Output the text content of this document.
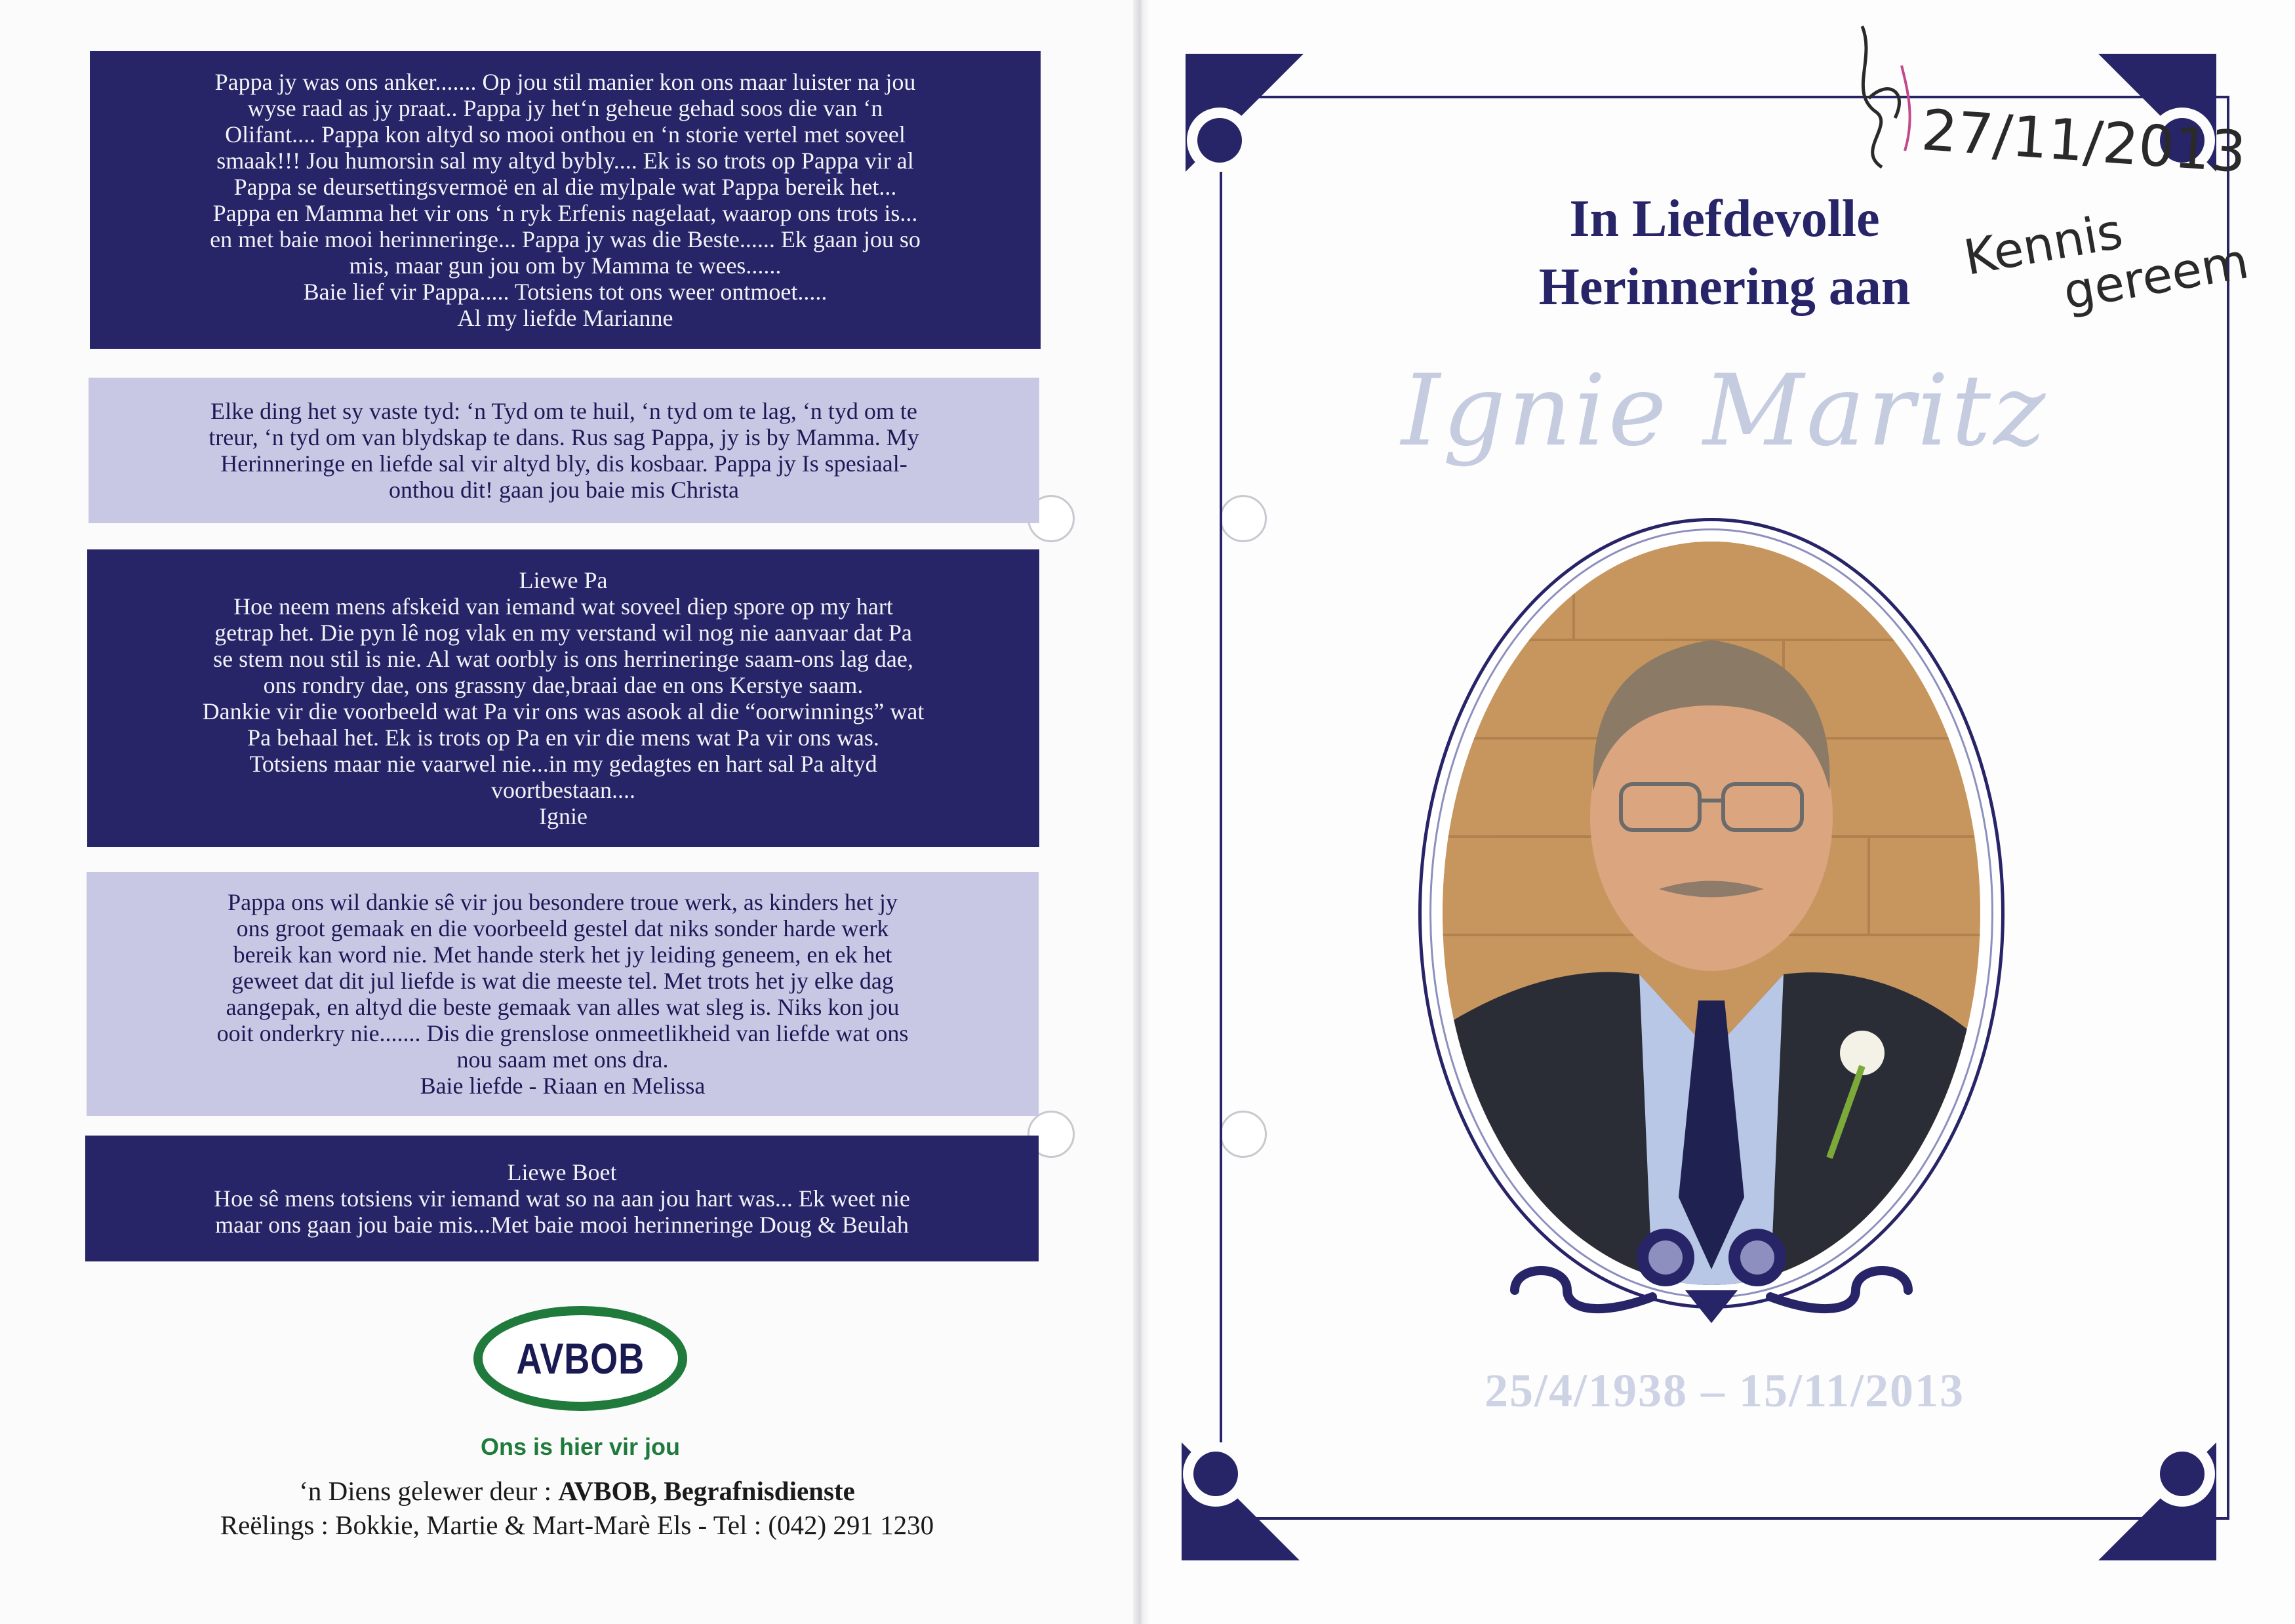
Pappa jy was ons anker....... Op jou stil manier kon ons maar luister na jou
wyse raad as jy praat.. Pappa jy het‘n geheue gehad soos die van ‘n
Olifant.... Pappa kon altyd so mooi onthou en ‘n storie vertel met soveel
smaak!!! Jou humorsin sal my altyd bybly.... Ek is so trots op Pappa vir al
Pappa se deursettingsvermoë en al die mylpale wat Pappa bereik het...
Pappa en Mamma het vir ons ‘n ryk Erfenis nagelaat, waarop ons trots is...
en met baie mooi herinneringe... Pappa jy was die Beste...... Ek gaan jou so
mis, maar gun jou om by Mamma te wees......
Baie lief vir Pappa..... Totsiens tot ons weer ontmoet.....
Al my liefde Marianne
Elke ding het sy vaste tyd: ‘n Tyd om te huil, ‘n tyd om te lag, ‘n tyd om te
treur, ‘n tyd om van blydskap te dans. Rus sag Pappa, jy is by Mamma. My
Herinneringe en liefde sal vir altyd bly, dis kosbaar. Pappa jy Is spesiaal-
onthou dit! gaan jou baie mis Christa
Liewe Pa
Hoe neem mens afskeid van iemand wat soveel diep spore op my hart
getrap het. Die pyn lê nog vlak en my verstand wil nog nie aanvaar dat Pa
se stem nou stil is nie. Al wat oorbly is ons herrineringe saam-ons lag dae,
ons rondry dae, ons grassny dae,braai dae en ons Kerstye saam.
Dankie vir die voorbeeld wat Pa vir ons was asook al die “oorwinnings” wat
Pa behaal het. Ek is trots op Pa en vir die mens wat Pa vir ons was.
Totsiens maar nie vaarwel nie...in my gedagtes en hart sal Pa altyd
voortbestaan....
Ignie
Pappa ons wil dankie sê vir jou besondere troue werk, as kinders het jy
ons groot gemaak en die voorbeeld gestel dat niks sonder harde werk
bereik kan word nie. Met hande sterk het jy leiding geneem, en ek het
geweet dat dit jul liefde is wat die meeste tel. Met trots het jy elke dag
aangepak, en altyd die beste gemaak van alles wat sleg is. Niks kon jou
ooit onderkry nie....... Dis die grenslose onmeetlikheid van liefde wat ons
nou saam met ons dra.
Baie liefde - Riaan en Melissa
Liewe Boet
Hoe sê mens totsiens vir iemand wat so na aan jou hart was... Ek weet nie
maar ons gaan jou baie mis...Met baie mooi herinneringe Doug & Beulah
AVBOB
Ons is hier vir jou
‘n Diens gelewer deur : AVBOB, Begrafnisdienste
Reëlings : Bokkie, Martie & Mart-Marè Els - Tel : (042) 291 1230
In Liefdevolle
Herinnering aan
Ignie Maritz
25/4/1938 – 15/11/2013
27/11/2013
Kennis
gereem
